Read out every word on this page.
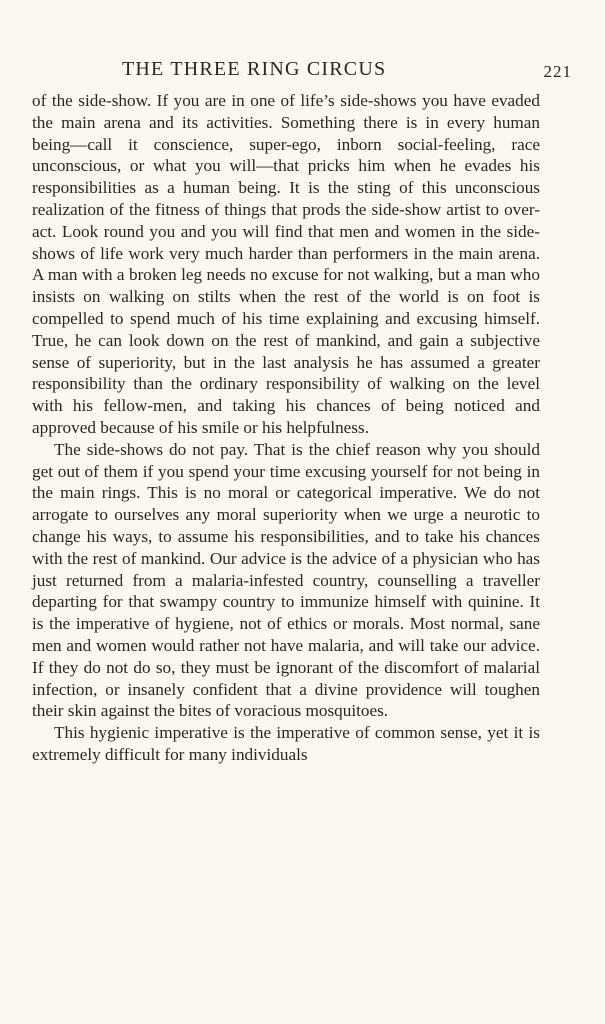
THE THREE RING CIRCUS	221

of the side-show. If you are in one of life’s side-shows you have evaded the main arena and its activities. Something there is in every human being—call it conscience, super-ego, inborn social-feeling, race unconscious, or what you will—that pricks him when he evades his responsibilities as a human being. It is the sting of this unconscious realization of the fitness of things that prods the side-show artist to over-act. Look round you and you will find that men and women in the side-shows of life work very much harder than performers in the main arena. A man with a broken leg needs no excuse for not walking, but a man who insists on walking on stilts when the rest of the world is on foot is compelled to spend much of his time explaining and excusing himself. True, he can look down on the rest of mankind, and gain a subjective sense of superiority, but in the last analysis he has assumed a greater responsibility than the ordinary responsibility of walking on the level with his fellow-men, and taking his chances of being noticed and approved because of his smile or his helpfulness.

The side-shows do not pay. That is the chief reason why you should get out of them if you spend your time excusing yourself for not being in the main rings. This is no moral or categorical imperative. We do not arrogate to ourselves any moral superiority when we urge a neurotic to change his ways, to assume his responsibilities, and to take his chances with the rest of mankind. Our advice is the advice of a physician who has just returned from a malaria-infested country, counselling a traveller departing for that swampy country to immunize himself with quinine. It is the imperative of hygiene, not of ethics or morals. Most normal, sane men and women would rather not have malaria, and will take our advice. If they do not do so, they must be ignorant of the discomfort of malarial infection, or insanely confident that a divine providence will toughen their skin against the bites of voracious mosquitoes.

This hygienic imperative is the imperative of common sense, yet it is extremely difficult for many individuals
